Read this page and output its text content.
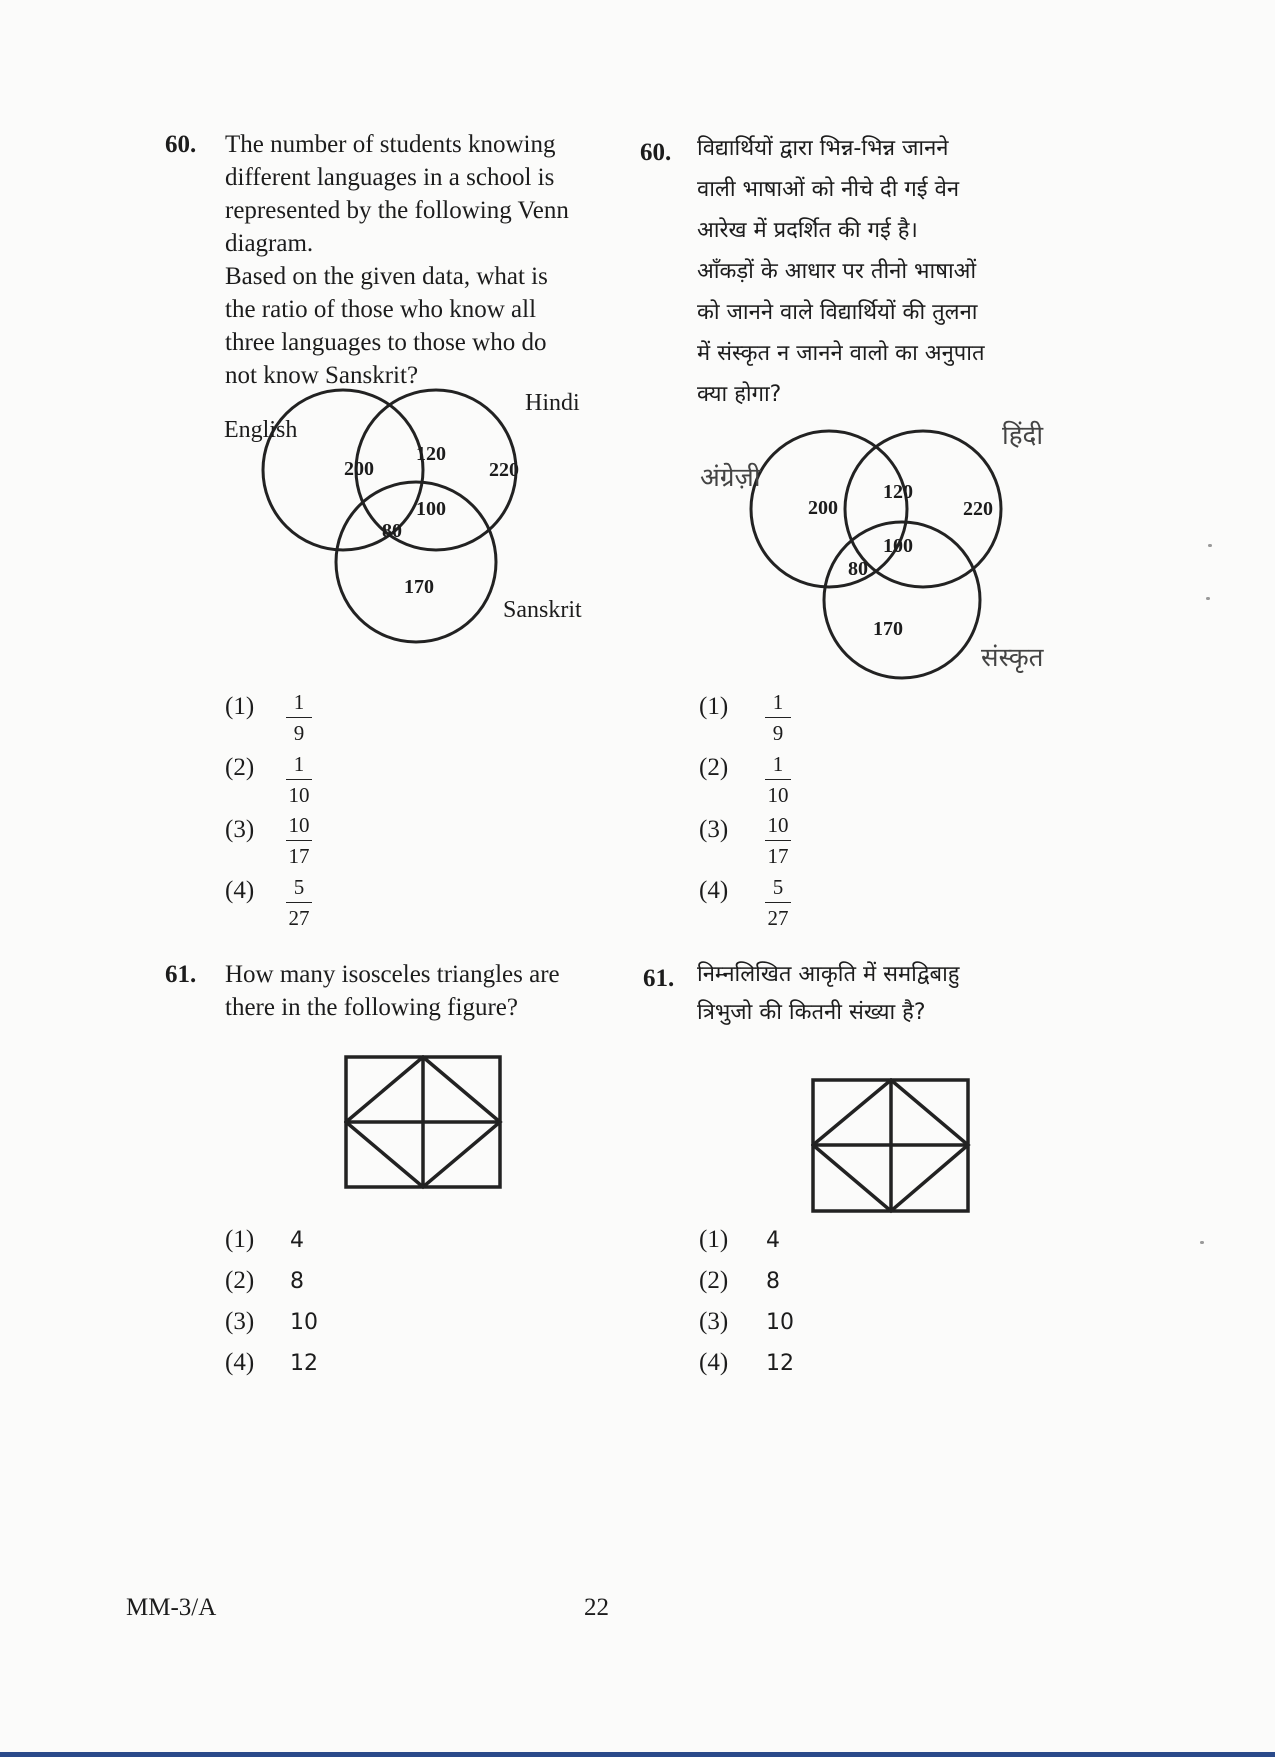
60. The number of students knowing
different languages in a school is
represented by the following Venn
diagram.
Based on the given data, what is
the ratio of those who know all
three languages to those who do
not know Sanskrit?
English
Hindi
Sanskrit
200
120
220
100
80
170
(1)	1
9
(2)	1
10
(3) 10
17
(4)	5
27
61. How many isosceles triangles are
there in the following figure?
(1) 4
(2) 8
(3) 10
(4) 12
60. विद्यार्थियों द्वारा भिन्न-भिन्न जानने
वाली भाषाओं को नीचे दी गई वेन
आरेख में प्रदर्शित की गई है।
आँकड़ों के आधार पर तीनो भाषाओं
को जानने वाले विद्यार्थियों की तुलना
में संस्कृत न जानने वालो का अनुपात
क्या होगा?
अंग्रेज़ी
हिंदी
संस्कृत
200
120
220
100
80
170
(1)	1
9
(2)	1
10
(3) 10
17
(4)	5
27
61. निम्नलिखित आकृति में समद्विबाहु
त्रिभुजो की कितनी संख्या है?
(1) 4
(2) 8
(3) 10
(4) 12
MM-3/A	22
